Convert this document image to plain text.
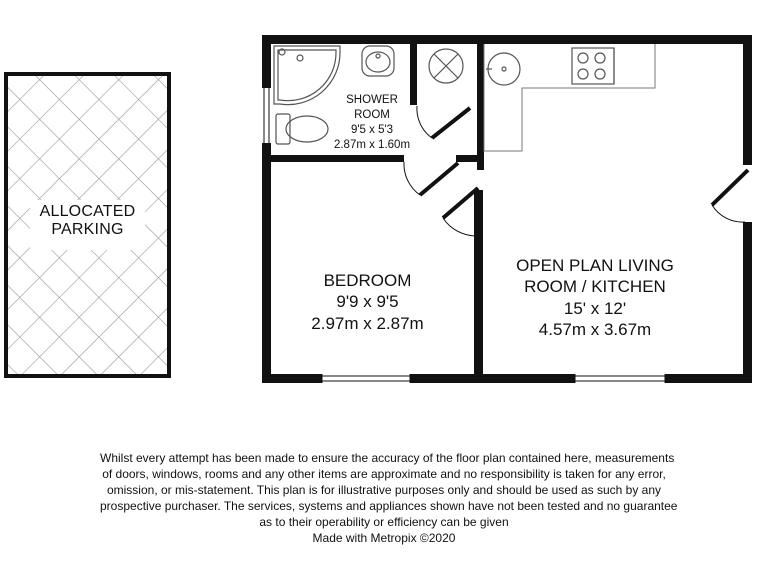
ALLOCATED
PARKING
SHOWER
ROOM
9'5 x 5'3
2.87m x 1.60m
BEDROOM
9'9 x 9'5
2.97m x 2.87m
OPEN PLAN LIVING
ROOM / KITCHEN
15' x 12'
4.57m x 3.67m
Whilst every attempt has been made to ensure the accuracy of the floor plan contained here, measurements
of doors, windows, rooms and any other items are approximate and no responsibility is taken for any error,
omission, or mis-statement. This plan is for illustrative purposes only and should be used as such by any
prospective purchaser. The services, systems and appliances shown have not been tested and no guarantee
as to their operability or efficiency can be given
Made with Metropix ©2020
